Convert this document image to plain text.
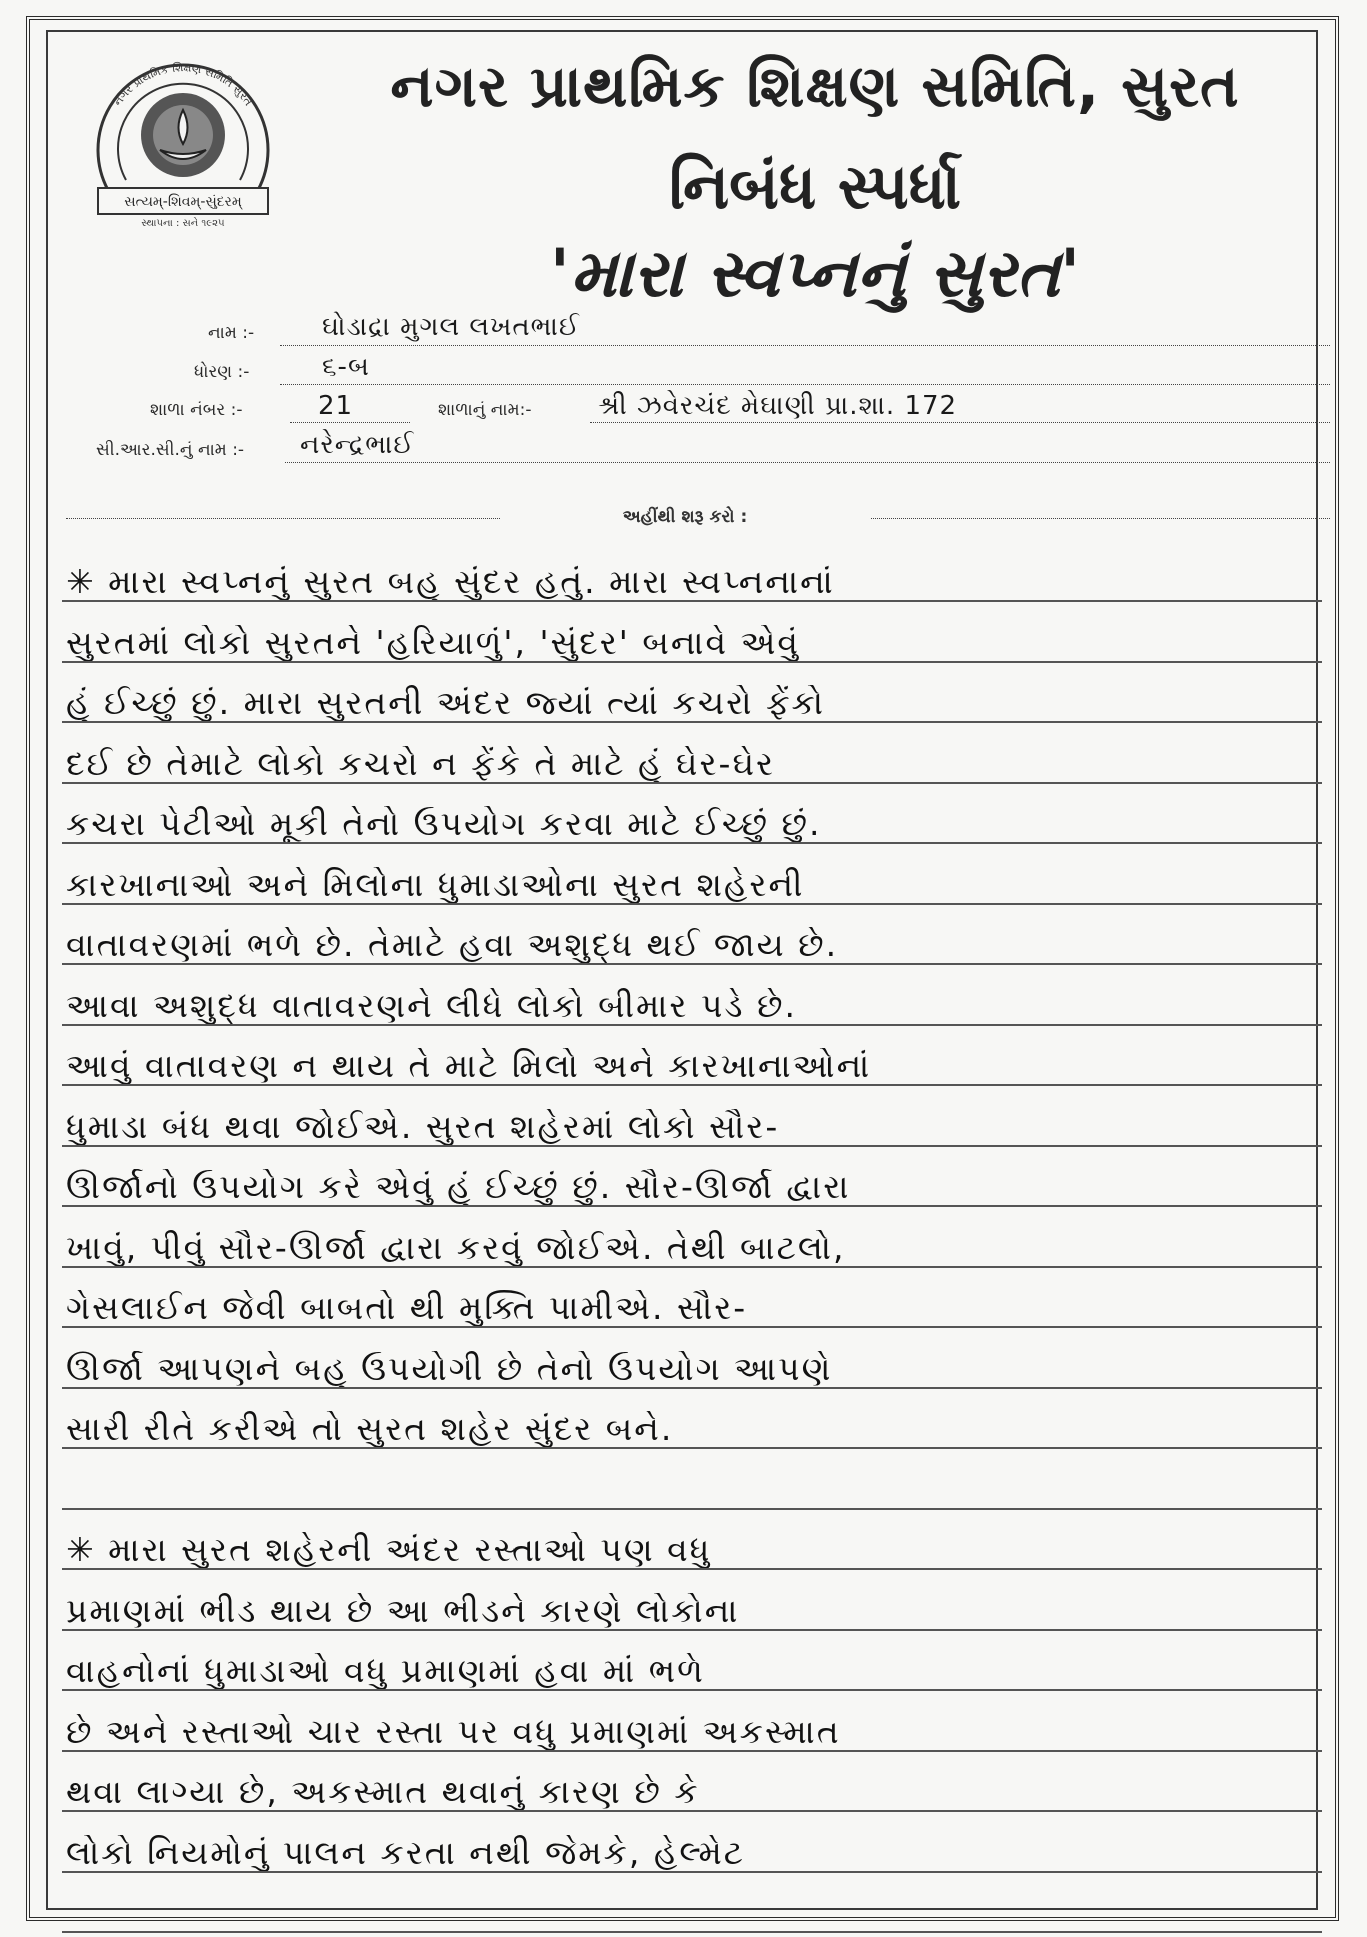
સત્યમ્-શિવમ્-સુંદરમ્
સ્થાપના : સને ૧૯૨૫
નગર પ્રાથમિક શિક્ષણ સમિતિ સુરત	નગર પ્રાથમિક શિક્ષણ સમિતિ, સુરત
નિબંધ સ્પર્ધા
'મારા સ્વપ્નનું સુરત'
નામ :-	ઘોડાદ્રા મુગલ લખતભાઈ
ધોરણ :-	૬-બ
શાળા નંબર :-	21	શાળાનું નામ:-	શ્રી ઝવેરચંદ મેઘાણી પ્રા.શા. 172
સી.આર.સી.નું નામ :- નરેન્દ્રભાઈ
અહીંથી શરૂ કરો :
✳ મારા સ્વપ્નનું સુરત બહુ સુંદર હતું. મારા સ્વપ્નનાનાં
સુરતમાં લોકો સુરતને 'હરિયાળું', 'સુંદર' બનાવે એવું
હું ઈચ્છું છું. મારા સુરતની અંદર જ્યાં ત્યાં કચરો ફેંકો
દઈ છે તેમાટે લોકો કચરો ન ફેંકે તે માટે હું ઘેર-ઘેર
કચરા પેટીઓ મૂકી તેનો ઉપયોગ કરવા માટે ઈચ્છું છું.
કારખાનાઓ અને મિલોના ધુમાડાઓના સુરત શહેરની
વાતાવરણમાં ભળે છે. તેમાટે હવા અશુદ્ધ થઈ જાય છે.
આવા અશુદ્ધ વાતાવરણને લીધે લોકો બીમાર પડે છે.
આવું વાતાવરણ ન થાય તે માટે મિલો અને કારખાનાઓનાં
ધુમાડા બંધ થવા જોઈએ. સુરત શહેરમાં લોકો સૌર-
ઊર્જાનો ઉપયોગ કરે એવું હું ઈચ્છું છું. સૌર-ઊર્જા દ્વારા
ખાવું, પીવું સૌર-ઊર્જા દ્વારા કરવું જોઈએ. તેથી બાટલો,
ગેસલાઈન જેવી બાબતો થી મુક્તિ પામીએ. સૌર-
ઊર્જા આપણને બહુ ઉપયોગી છે તેનો ઉપયોગ આપણે
સારી રીતે કરીએ તો સુરત શહેર સુંદર બને.
✳ મારા સુરત શહેરની અંદર રસ્તાઓ પણ વધુ
પ્રમાણમાં ભીડ થાય છે આ ભીડને કારણે લોકોના
વાહનોનાં ધુમાડાઓ વધુ પ્રમાણમાં હવા માં ભળે
છે અને રસ્તાઓ ચાર રસ્તા પર વધુ પ્રમાણમાં અકસ્માત
થવા લાગ્યા છે, અકસ્માત થવાનું કારણ છે કે
લોકો નિયમોનું પાલન કરતા નથી જેમકે, હેલ્મેટ
